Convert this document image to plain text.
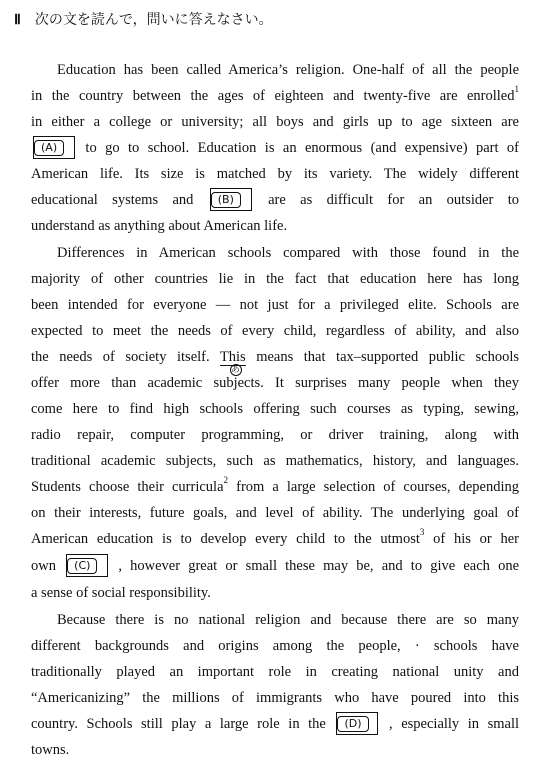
Ⅱ 次の文を読んで，問いに答えなさい。
Education has been called America’s religion. One-half of all the people
in the country between the ages of eighteen and twenty-five are enrolled$^1$
in either a college or university; all boys and girls up to age sixteen are
(A) to go to school. Education is an enormous (and expensive) part of
American life. Its size is matched by its variety. The widely different
educational systems and (B) are as difficult for an outsider to
understand as anything about American life.
Differences in American schools compared with those found in the
majority of other countries lie in the fact that education here has long
been intended for everyone — not just for a privileged elite. Schools are
expected to meet the needs of every child, regardless of ability, and also
the needs of society itself. This
あ
means that tax–supported public schools
offer more than academic subjects. It surprises many people when they
come here to find high schools offering such courses as typing, sewing,
radio repair, computer programming, or driver training, along with
traditional academic subjects, such as mathematics, history, and languages.
Students choose their curricula$^2$ from a large selection of courses, depending
on their interests, future goals, and level of ability. The underlying goal of
American education is to develop every child to the utmost$^3$ of his or her
own (C) , however great or small these may be, and to give each one
a sense of social responsibility.
Because there is no national religion and because there are so many
different backgrounds and origins among the people, · schools have
traditionally played an important role in creating national unity and
“Americanizing” the millions of immigrants who have poured into this
country. Schools still play a large role in the (D) , especially in small
towns.
